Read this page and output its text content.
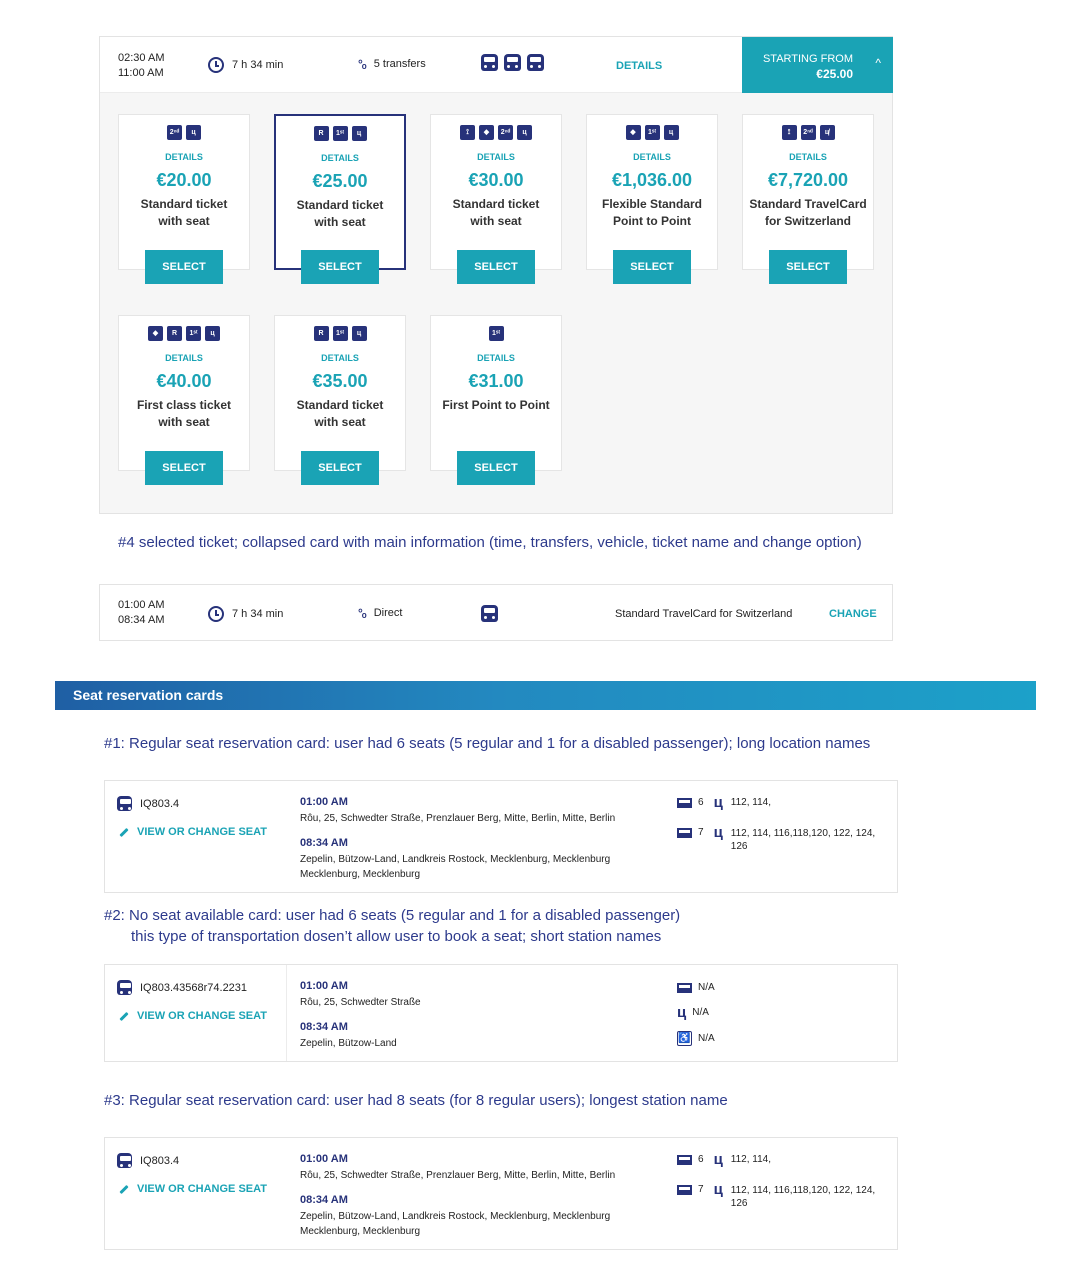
02:30 AM
11:00 AM
7 h 34 min	°ₒ 5 transfers	DETAILS
STARTING FROM
€25.00
^
2ⁿᵈ	ц
DETAILS
€20.00
Standard ticket
with seat
SELECT
R	1ˢᵗ	ц
DETAILS
€25.00
Standard ticket
with seat
SELECT
⟟	◆	2ⁿᵈ	ц
DETAILS
€30.00
Standard ticket
with seat
SELECT
◆	1ˢᵗ	ц
DETAILS
€1,036.00
Flexible Standard
Point to Point
SELECT
⟟	2ⁿᵈ	ц̸
DETAILS
€7,720.00
Standard TravelCard
for Switzerland
SELECT
◆	R	1ˢᵗ	ц
DETAILS
€40.00
First class ticket
with seat
SELECT
R	1ˢᵗ	ц
DETAILS
€35.00
Standard ticket
with seat
SELECT
1ˢᵗ
DETAILS
€31.00
First Point to Point
SELECT
#4 selected ticket; collapsed card with main information (time, transfers, vehicle, ticket name and change option)
01:00 AM
08:34 AM	7 h 34 min	°ₒ Direct	Standard TravelCard for Switzerland	CHANGE
Seat reservation cards
#1: Regular seat reservation card: user had 6 seats (5 regular and 1 for a disabled passenger); long location names
IQ803.4
VIEW OR CHANGE SEAT
01:00 AM
Rôu, 25, Schwedter Straße, Prenzlauer Berg, Mitte, Berlin, Mitte, Berlin
08:34 AM
Zepelin, Bützow-Land, Landkreis Rostock, Mecklenburg, Mecklenburg Mecklenburg, Mecklenburg
6 ц 112, 114,
7 ц 112, 114, 116,118,120, 122, 124, 126
#2: No seat available card: user had 6 seats (5 regular and 1 for a disabled passenger)
this type of transportation dosen’t allow user to book a seat; short station names
IQ803.43568r74.2231
VIEW OR CHANGE SEAT
01:00 AM
Rôu, 25, Schwedter Straße
08:34 AM
Zepelin, Bützow-Land
N/A
ц N/A
♿ N/A
#3: Regular seat reservation card: user had 8 seats (for 8 regular users); longest station name
IQ803.4
VIEW OR CHANGE SEAT
01:00 AM
Rôu, 25, Schwedter Straße, Prenzlauer Berg, Mitte, Berlin, Mitte, Berlin
08:34 AM
Zepelin, Bützow-Land, Landkreis Rostock, Mecklenburg, Mecklenburg Mecklenburg, Mecklenburg
6 ц 112, 114,
7 ц 112, 114, 116,118,120, 122, 124, 126
